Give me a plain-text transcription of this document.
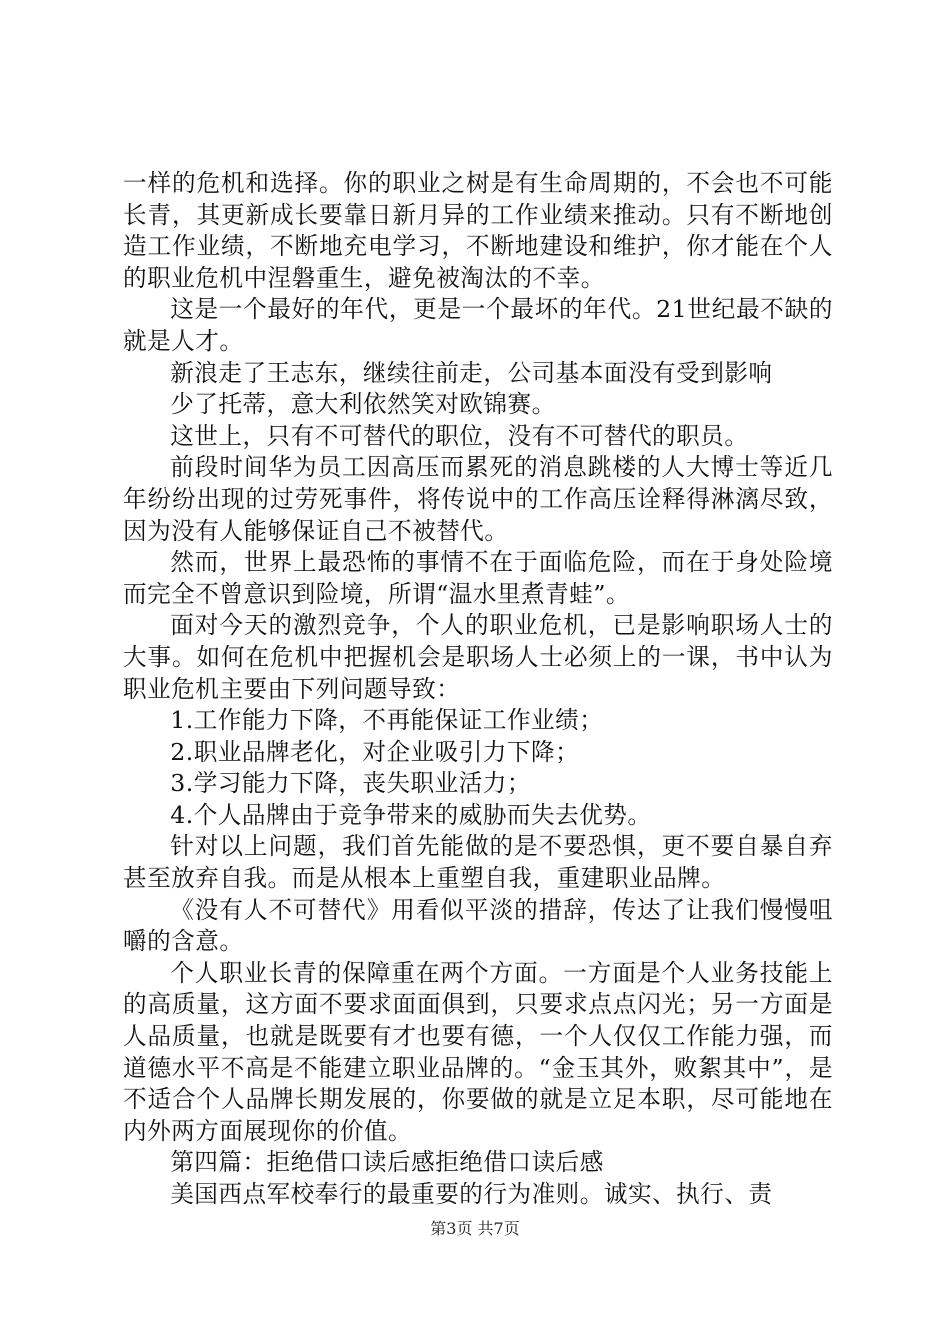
一样的危机和选择。你的职业之树是有生命周期的，不会也不可能长青，其更新成长要靠日新月异的工作业绩来推动。只有不断地创造工作业绩，不断地充电学习，不断地建设和维护，你才能在个人的职业危机中涅磐重生，避免被淘汰的不幸。

这是一个最好的年代，更是一个最坏的年代。21世纪最不缺的就是人才。

新浪走了王志东，继续往前走，公司基本面没有受到影响

少了托蒂，意大利依然笑对欧锦赛。

这世上，只有不可替代的职位，没有不可替代的职员。

前段时间华为员工因高压而累死的消息跳楼的人大博士等近几年纷纷出现的过劳死事件，将传说中的工作高压诠释得淋漓尽致，因为没有人能够保证自己不被替代。

然而，世界上最恐怖的事情不在于面临危险，而在于身处险境而完全不曾意识到险境，所谓“温水里煮青蛙”。

面对今天的激烈竞争，个人的职业危机，已是影响职场人士的大事。如何在危机中把握机会是职场人士必须上的一课，书中认为职业危机主要由下列问题导致：

1.工作能力下降，不再能保证工作业绩；

2.职业品牌老化，对企业吸引力下降；

3.学习能力下降，丧失职业活力；

4.个人品牌由于竞争带来的威胁而失去优势。

针对以上问题，我们首先能做的是不要恐惧，更不要自暴自弃甚至放弃自我。而是从根本上重塑自我，重建职业品牌。

《没有人不可替代》用看似平淡的措辞，传达了让我们慢慢咀嚼的含意。

个人职业长青的保障重在两个方面。一方面是个人业务技能上的高质量，这方面不要求面面俱到，只要求点点闪光；另一方面是人品质量，也就是既要有才也要有德，一个人仅仅工作能力强，而道德水平不高是不能建立职业品牌的。“金玉其外，败絮其中”，是不适合个人品牌长期发展的，你要做的就是立足本职，尽可能地在内外两方面展现你的价值。

第四篇：拒绝借口读后感拒绝借口读后感

美国西点军校奉行的最重要的行为准则。诚实、执行、责

第3页 共7页
